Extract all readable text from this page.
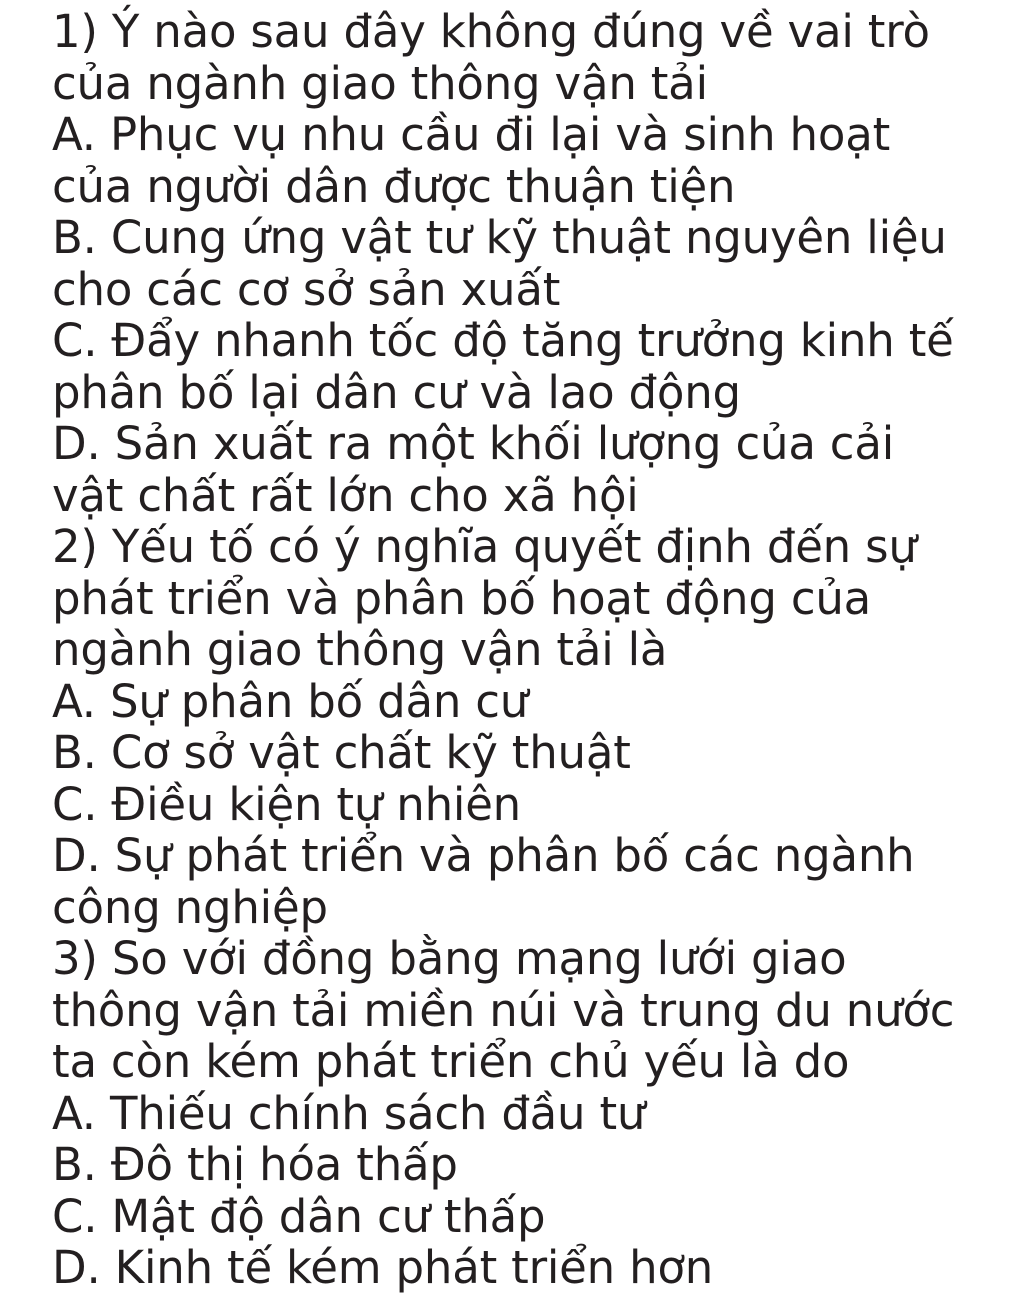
1) Ý nào sau đây không đúng về vai trò
của ngành giao thông vận tải
A. Phục vụ nhu cầu đi lại và sinh hoạt
của người dân được thuận tiện
B. Cung ứng vật tư kỹ thuật nguyên liệu
cho các cơ sở sản xuất
C. Đẩy nhanh tốc độ tăng trưởng kinh tế
phân bố lại dân cư và lao động
D. Sản xuất ra một khối lượng của cải
vật chất rất lớn cho xã hội
2) Yếu tố có ý nghĩa quyết định đến sự
phát triển và phân bố hoạt động của
ngành giao thông vận tải là
A. Sự phân bố dân cư
B. Cơ sở vật chất kỹ thuật
C. Điều kiện tự nhiên
D. Sự phát triển và phân bố các ngành
công nghiệp
3) So với đồng bằng mạng lưới giao
thông vận tải miền núi và trung du nước
ta còn kém phát triển chủ yếu là do
A. Thiếu chính sách đầu tư
B. Đô thị hóa thấp
C. Mật độ dân cư thấp
D. Kinh tế kém phát triển hơn
